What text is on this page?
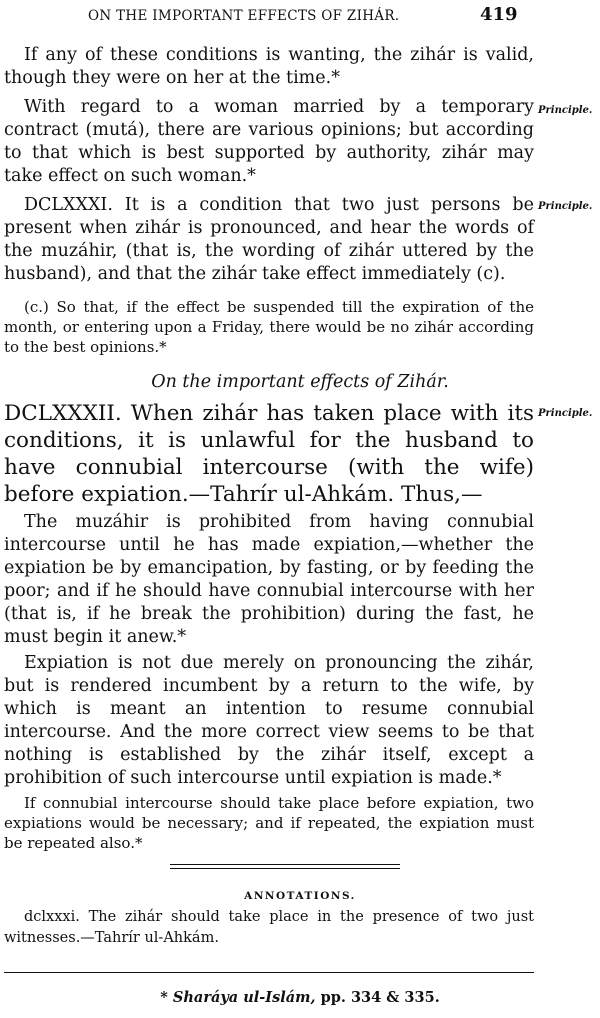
ON THE IMPORTANT EFFECTS OF ZIHÁR.	419

If any of these conditions is wanting, the zihár is valid, though they were on her at the time.*

With regard to a woman married by a temporary contract (mutá), there are various opinions; but according to that which is best supported by authority, zihár may take effect on such woman.*

Principle.

DCLXXXI. It is a condition that two just persons be present when zihár is pronounced, and hear the words of the muzáhir, (that is, the wording of zihár uttered by the husband), and that the zihár take effect immediately (c).

Principle.

(c.) So that, if the effect be suspended till the expiration of the month, or entering upon a Friday, there would be no zihár according to the best opinions.*

On the important effects of Zihár.

DCLXXXII. When zihár has taken place with its conditions, it is unlawful for the husband to have connubial intercourse (with the wife) before expiation.—Tahrír ul-Ahkám. Thus,—

Principle.

The muzáhir is prohibited from having connubial intercourse until he has made expiation,—whether the expiation be by emancipation, by fasting, or by feeding the poor; and if he should have connubial intercourse with her (that is, if he break the prohibition) during the fast, he must begin it anew.*

Expiation is not due merely on pronouncing the zihár, but is rendered incumbent by a return to the wife, by which is meant an intention to resume connubial intercourse. And the more correct view seems to be that nothing is established by the zihár itself, except a prohibition of such intercourse until expiation is made.*

If connubial intercourse should take place before expiation, two expiations would be necessary; and if repeated, the expiation must be repeated also.*

ANNOTATIONS.

dclxxxi. The zihár should take place in the presence of two just witnesses.—Tahrír ul-Ahkám.

* Sharáya ul-Islám, pp. 334 & 335.
